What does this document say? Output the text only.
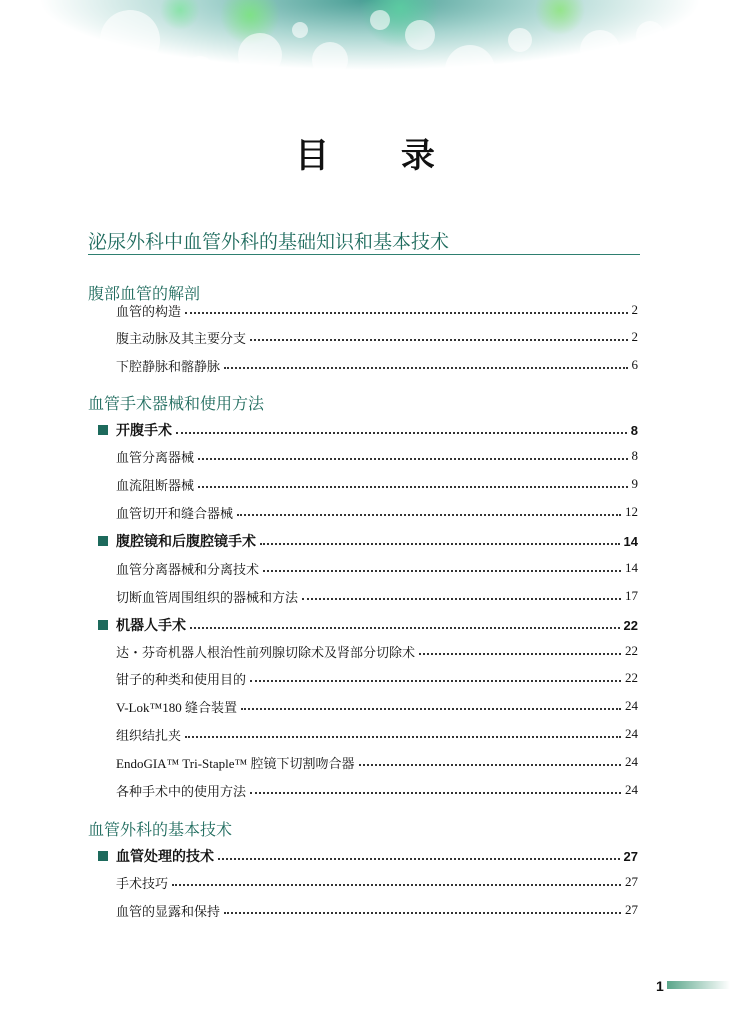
目 录
泌尿外科中血管外科的基础知识和基本技术
腹部血管的解剖
血管的构造	2
腹主动脉及其主要分支	2
下腔静脉和髂静脉	6
血管手术器械和使用方法
开腹手术	8
血管分离器械	8
血流阻断器械	9
血管切开和缝合器械	12
腹腔镜和后腹腔镜手术	14
血管分离器械和分离技术	14
切断血管周围组织的器械和方法	17
机器人手术	22
达・芬奇机器人根治性前列腺切除术及肾部分切除术	22
钳子的种类和使用目的	22
V-Lok™180 缝合装置	24
组织结扎夹	24
EndoGIA™ Tri-Staple™ 腔镜下切割吻合器	24
各种手术中的使用方法	24
血管外科的基本技术
血管处理的技术	27
手术技巧	27
血管的显露和保持	27
1
